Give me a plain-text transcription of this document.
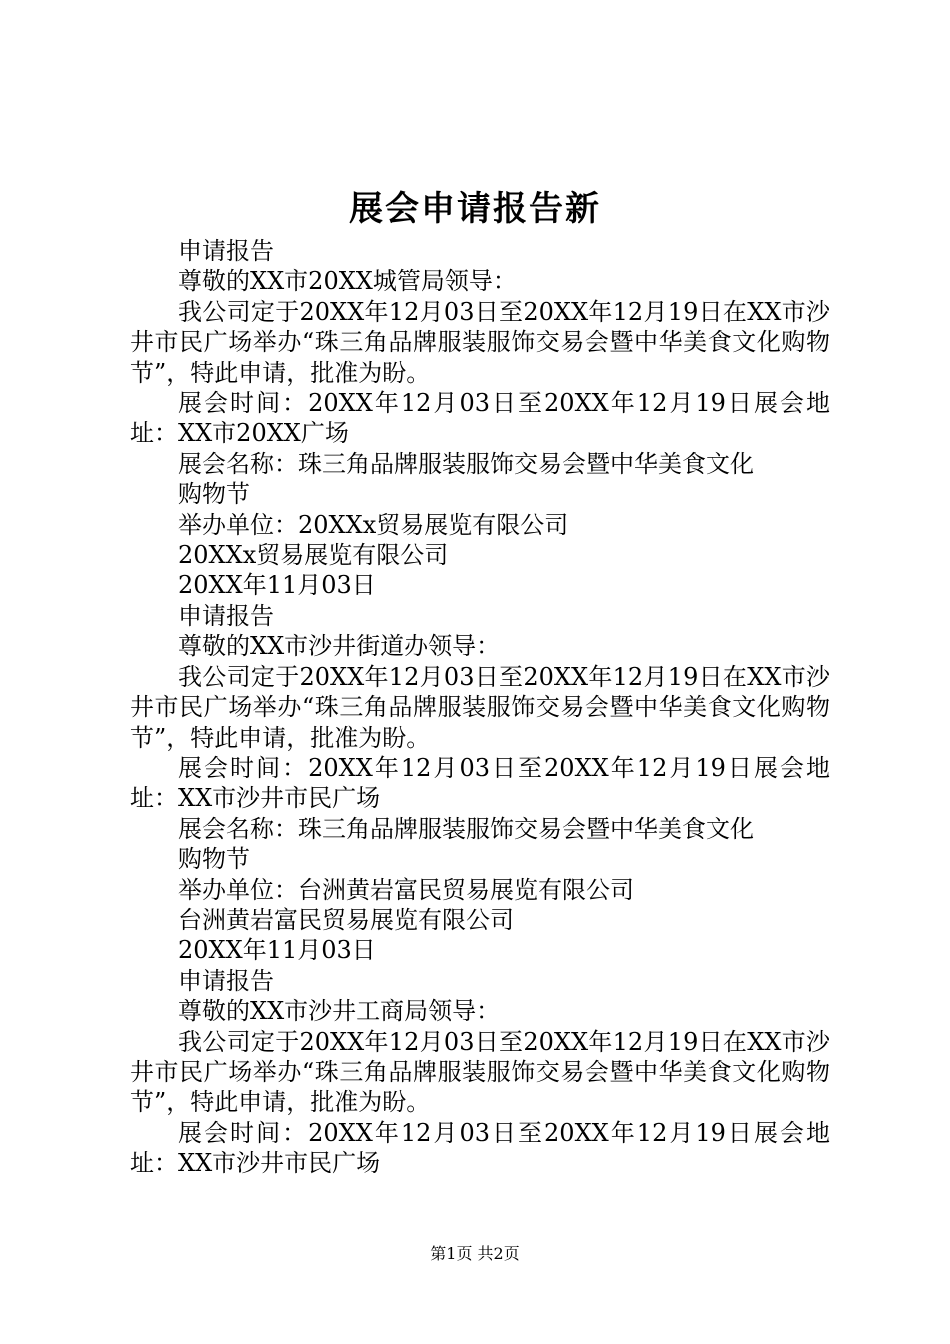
展会申请报告新

申请报告

尊敬的XX市20XX城管局领导：

我公司定于20XX年12月03日至20XX年12月19日在XX市沙井市民广场举办“珠三角品牌服装服饰交易会暨中华美食文化购物节”，特此申请，批准为盼。

展会时间：20XX年12月03日至20XX年12月19日展会地址：XX市20XX广场

展会名称：珠三角品牌服装服饰交易会暨中华美食文化

购物节

举办单位：20XXx贸易展览有限公司

20XXx贸易展览有限公司

20XX年11月03日

申请报告

尊敬的XX市沙井街道办领导：

我公司定于20XX年12月03日至20XX年12月19日在XX市沙井市民广场举办“珠三角品牌服装服饰交易会暨中华美食文化购物节”，特此申请，批准为盼。

展会时间：20XX年12月03日至20XX年12月19日展会地址：XX市沙井市民广场

展会名称：珠三角品牌服装服饰交易会暨中华美食文化

购物节

举办单位：台洲黄岩富民贸易展览有限公司

台洲黄岩富民贸易展览有限公司

20XX年11月03日

申请报告

尊敬的XX市沙井工商局领导：

我公司定于20XX年12月03日至20XX年12月19日在XX市沙井市民广场举办“珠三角品牌服装服饰交易会暨中华美食文化购物节”，特此申请，批准为盼。

展会时间：20XX年12月03日至20XX年12月19日展会地址：XX市沙井市民广场

第1页 共2页
